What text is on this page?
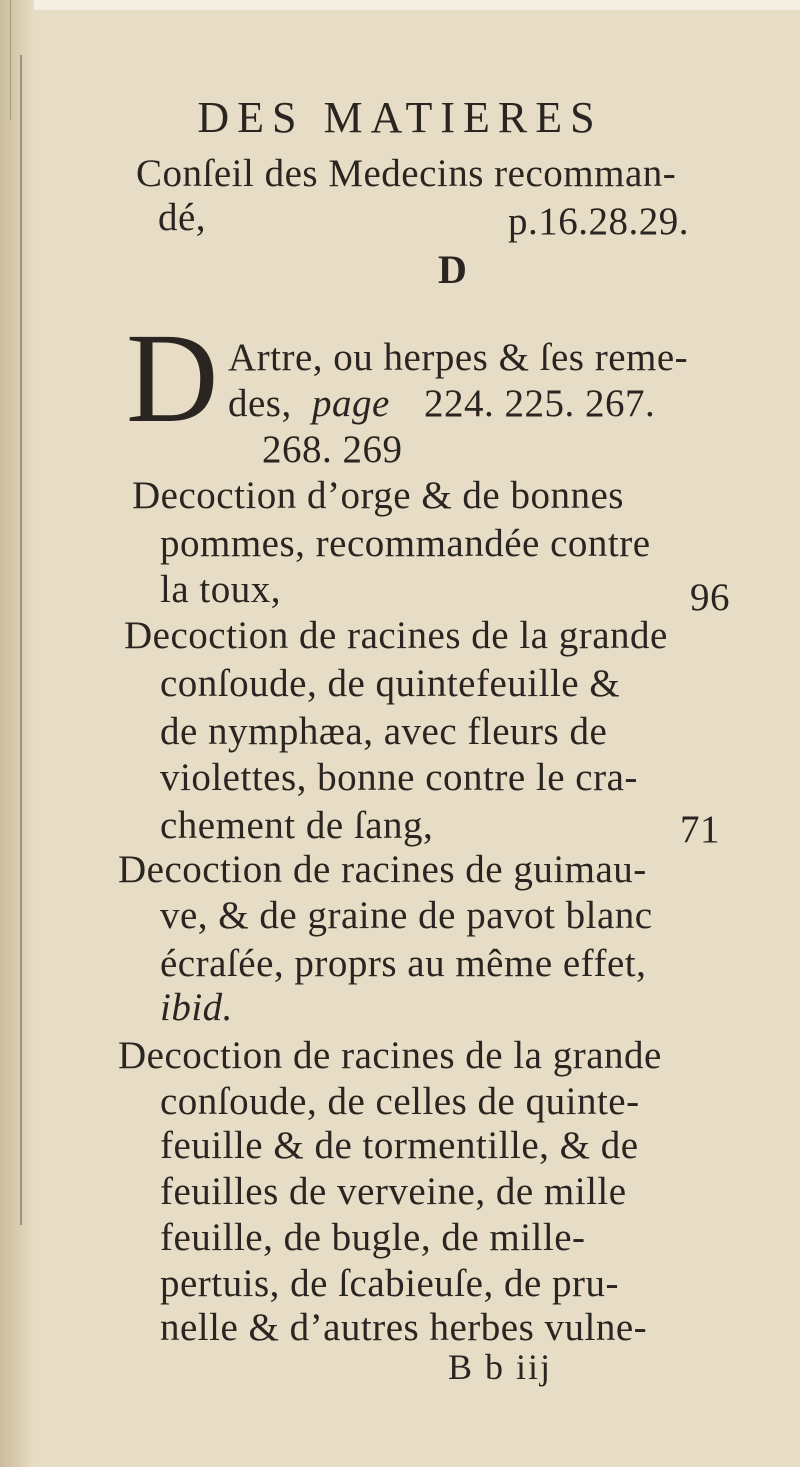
DES MATIERES
Conſeil des Medecins recomman-
dé,	p.16.28.29.
D
D Artre, ou herpes & ſes reme-
des, page 224. 225. 267.
268. 269
Decoction d’orge & de bonnes
pommes, recommandée contre
la toux,	96
Decoction de racines de la grande
conſoude, de quintefeuille &
de nymphæa, avec fleurs de
violettes, bonne contre le cra-
chement de ſang,	71
Decoction de racines de guimau-
ve, & de graine de pavot blanc
écraſée, proprs au même effet,
ibid.
Decoction de racines de la grande
conſoude, de celles de quinte-
feuille & de tormentille, & de
feuilles de verveine, de mille
feuille, de bugle, de mille-
pertuis, de ſcabieuſe, de pru-
nelle & d’autres herbes vulne-
B b iij
